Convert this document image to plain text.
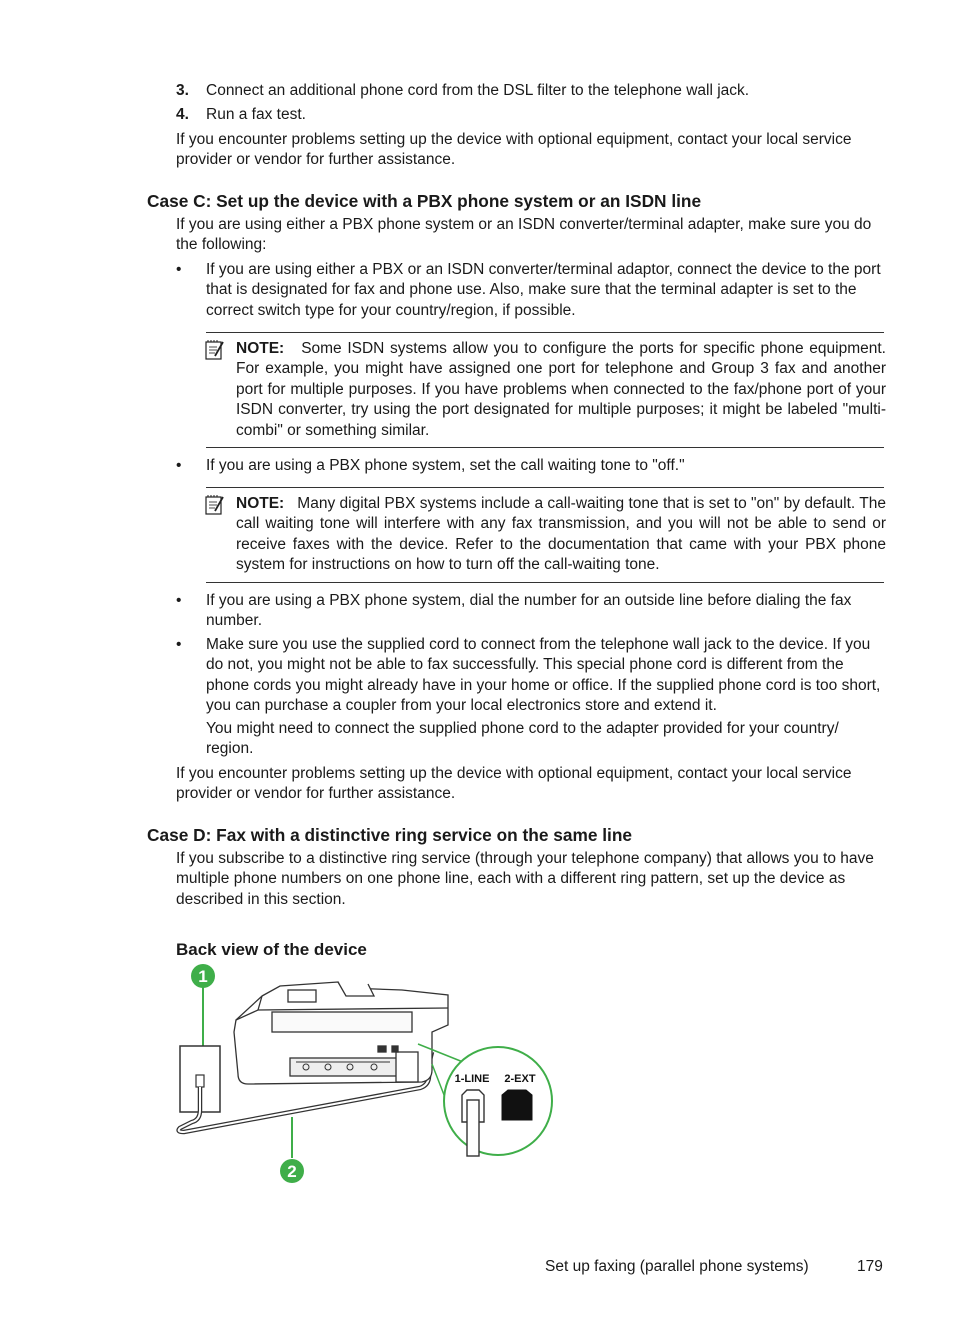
3. Connect an additional phone cord from the DSL filter to the telephone wall jack.
4. Run a fax test.
If you encounter problems setting up the device with optional equipment, contact your local service provider or vendor for further assistance.
Case C: Set up the device with a PBX phone system or an ISDN line
If you are using either a PBX phone system or an ISDN converter/terminal adapter, make sure you do the following:
• If you are using either a PBX or an ISDN converter/terminal adaptor, connect the device to the port that is designated for fax and phone use. Also, make sure that the terminal adapter is set to the correct switch type for your country/region, if possible.
NOTE: Some ISDN systems allow you to configure the ports for specific phone equipment. For example, you might have assigned one port for telephone and Group 3 fax and another port for multiple purposes. If you have problems when connected to the fax/phone port of your ISDN converter, try using the port designated for multiple purposes; it might be labeled "multi-combi" or something similar.
• If you are using a PBX phone system, set the call waiting tone to "off."
NOTE: Many digital PBX systems include a call-waiting tone that is set to "on" by default. The call waiting tone will interfere with any fax transmission, and you will not be able to send or receive faxes with the device. Refer to the documentation that came with your PBX phone system for instructions on how to turn off the call-waiting tone.
• If you are using a PBX phone system, dial the number for an outside line before dialing the fax number.
• Make sure you use the supplied cord to connect from the telephone wall jack to the device. If you do not, you might not be able to fax successfully. This special phone cord is different from the phone cords you might already have in your home or office. If the supplied phone cord is too short, you can purchase a coupler from your local electronics store and extend it.
You might need to connect the supplied phone cord to the adapter provided for your country/ region.
If you encounter problems setting up the device with optional equipment, contact your local service provider or vendor for further assistance.
Case D: Fax with a distinctive ring service on the same line
If you subscribe to a distinctive ring service (through your telephone company) that allows you to have multiple phone numbers on one phone line, each with a different ring pattern, set up the device as described in this section.
Back view of the device
1
2
1-LINE 2-EXT
Set up faxing (parallel phone systems)	179
